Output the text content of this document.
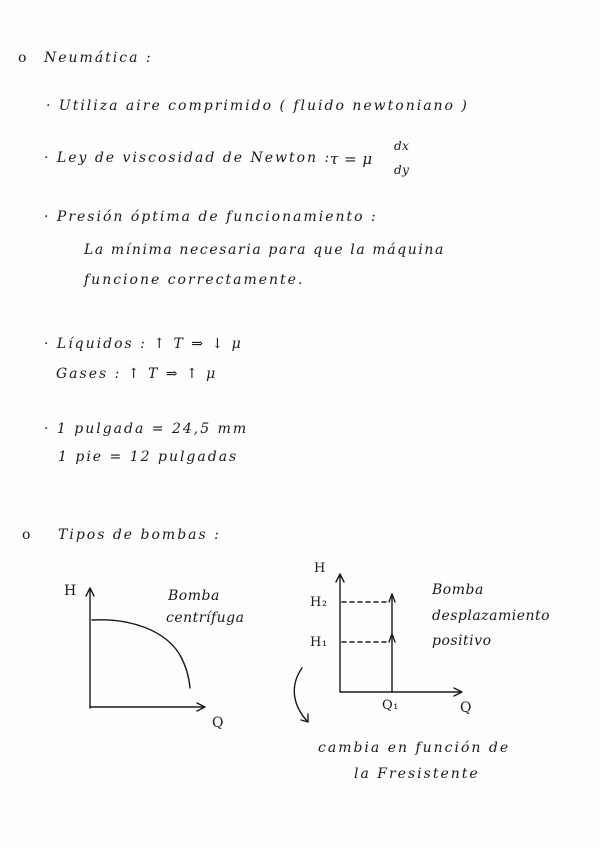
o Neumática :
· Utiliza aire comprimido ( fluido newtoniano )
· Ley de viscosidad de Newton :
τ = μ
dx
dy
· Presión óptima de funcionamiento :
La mínima necesaria para que la máquina
funcione correctamente.
· Líquidos : ↑ T ⇒ ↓ μ
Gases : ↑ T ⇒ ↑ μ
· 1 pulgada = 24,5 mm
1 pie = 12 pulgadas
o Tipos de bombas :
H
Q
Bomba
centrífuga
H
H₂
H₁
Q₁	Q
Bomba
desplazamiento
positivo
cambia en función de
la Fresistente
